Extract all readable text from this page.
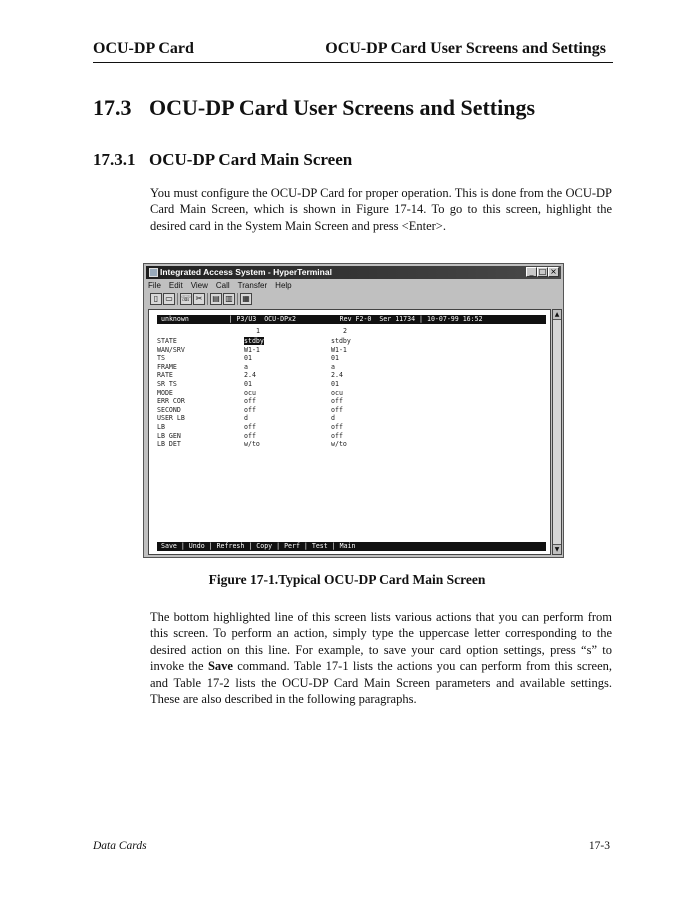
OCU-DP Card	OCU-DP Card User Screens and Settings
17.3 OCU-DP Card User Screens and Settings
17.3.1 OCU-DP Card Main Screen
You must configure the OCU-DP Card for proper operation. This is done from the OCU-DP Card Main Screen, which is shown in Figure 17-14. To go to this screen, highlight the desired card in the System Main Screen and press <Enter>.
Integrated Access System - HyperTerminal	_ □ ×
File Edit View Call Transfer Help
▯ ▭ ☏ ✂	▤ ▥ ▦
unknown          | P3/U3  OCU-DPx2           Rev F2-0  Ser 11734 | 10-07-99 16:52
1	2
STATE	stdby	stdby
WAN/SRV	W1-1	W1-1
TS	01	01
FRAME	a	a
RATE	2.4	2.4
SR TS	01	01
MODE	ocu	ocu
ERR COR	off	off
SECOND	off	off
USER LB	d	d
LB	off	off
LB GEN	off	off
LB DET	w/to	w/to
Save | Undo | Refresh | Copy | Perf | Test | Main
▲
▼
Figure 17-1.Typical OCU-DP Card Main Screen
The bottom highlighted line of this screen lists various actions that you can perform from this screen. To perform an action, simply type the uppercase letter corresponding to the desired action on this line. For example, to save your card option settings, press “s” to invoke the Save command. Table 17-1 lists the actions you can perform from this screen, and Table 17-2 lists the OCU-DP Card Main Screen parameters and available settings. These are also described in the following paragraphs.
Data Cards	17-3
